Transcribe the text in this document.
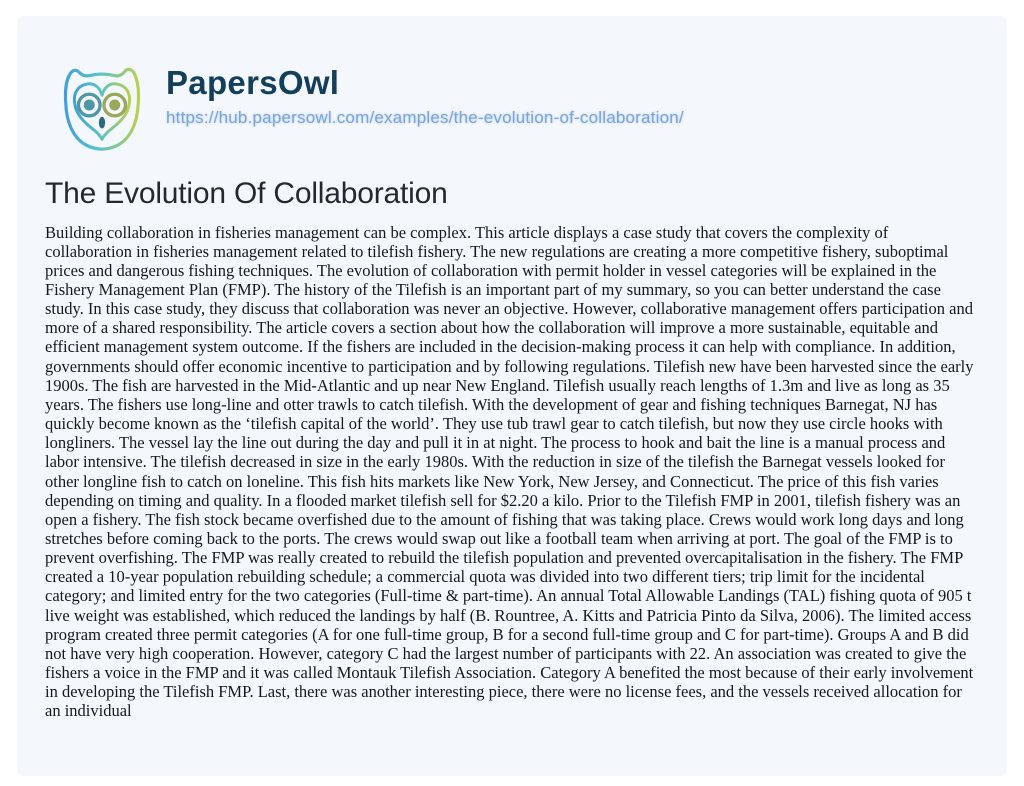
PapersOwl
https://hub.papersowl.com/examples/the-evolution-of-collaboration/
The Evolution Of Collaboration
Building collaboration in fisheries management can be complex. This article displays a case study that covers the complexity of collaboration in fisheries management related to tilefish fishery. The new regulations are creating a more competitive fishery, suboptimal prices and dangerous fishing techniques. The evolution of collaboration with permit holder in vessel categories will be explained in the Fishery Management Plan (FMP). The history of the Tilefish is an important part of my summary, so you can better understand the case study. In this case study, they discuss that collaboration was never an objective. However, collaborative management offers participation and more of a shared responsibility. The article covers a section about how the collaboration will improve a more sustainable, equitable and efficient management system outcome. If the fishers are included in the decision-making process it can help with compliance. In addition, governments should offer economic incentive to participation and by following regulations. Tilefish new have been harvested since the early 1900s. The fish are harvested in the Mid-Atlantic and up near New England. Tilefish usually reach lengths of 1.3m and live as long as 35 years. The fishers use long-line and otter trawls to catch tilefish. With the development of gear and fishing techniques Barnegat, NJ has quickly become known as the ‘tilefish capital of the world’. They use tub trawl gear to catch tilefish, but now they use circle hooks with longliners. The vessel lay the line out during the day and pull it in at night. The process to hook and bait the line is a manual process and labor intensive. The tilefish decreased in size in the early 1980s. With the reduction in size of the tilefish the Barnegat vessels looked for other longline fish to catch on loneline. This fish hits markets like New York, New Jersey, and Connecticut. The price of this fish varies depending on timing and quality. In a flooded market tilefish sell for $2.20 a kilo. Prior to the Tilefish FMP in 2001, tilefish fishery was an open a fishery. The fish stock became overfished due to the amount of fishing that was taking place. Crews would work long days and long stretches before coming back to the ports. The crews would swap out like a football team when arriving at port. The goal of the FMP is to prevent overfishing. The FMP was really created to rebuild the tilefish population and prevented overcapitalisation in the fishery. The FMP created a 10-year population rebuilding schedule; a commercial quota was divided into two different tiers; trip limit for the incidental category; and limited entry for the two categories (Full-time & part-time). An annual Total Allowable Landings (TAL) fishing quota of 905 t live weight was established, which reduced the landings by half (B. Rountree, A. Kitts and Patricia Pinto da Silva, 2006). The limited access program created three permit categories (A for one full-time group, B for a second full-time group and C for part-time). Groups A and B did not have very high cooperation. However, category C had the largest number of participants with 22. An association was created to give the fishers a voice in the FMP and it was called Montauk Tilefish Association. Category A benefited the most because of their early involvement in developing the Tilefish FMP. Last, there was another interesting piece, there were no license fees, and the vessels received allocation for an individual
